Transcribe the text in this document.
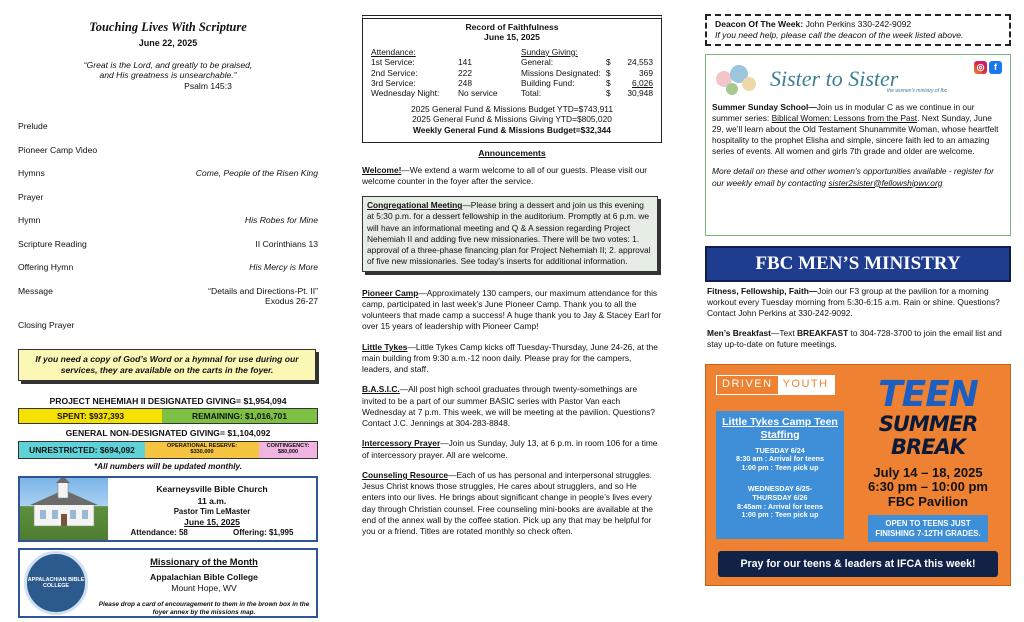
Touching Lives With Scripture
June 22, 2025
“Great is the Lord, and greatly to be praised,
and His greatness is unsearchable.”
Psalm 145:3
Prelude
Pioneer Camp Video
Hymns	Come, People of the Risen King
Prayer
Hymn	His Robes for Mine
Scripture Reading	II Corinthians 13
Offering Hymn	His Mercy is More
Message	“Details and Directions-Pt. II”
Exodus 26-27
Closing Prayer
If you need a copy of God’s Word or a hymnal for use during our services, they are available on the carts in the foyer.
PROJECT NEHEMIAH II DESIGNATED GIVING= $1,954,094
SPENT: $937,393	REMAINING: $1,016,701
GENERAL NON-DESIGNATED GIVING= $1,104,092
UNRESTRICTED: $694,092	OPERATIONAL RESERVE:
$330,000
CONTINGENCY:
$80,000
*All numbers will be updated monthly.
Kearneysville Bible Church
11 a.m.
Pastor Tim LeMaster
June 15, 2025
Attendance: 58	Offering: $1,995
APPALACHIAN BIBLE COLLEGE
Missionary of the Month
Appalachian Bible College
Mount Hope, WV
Please drop a card of encouragement to them in the brown box in the foyer annex by the missions map.
Record of Faithfulness
June 15, 2025
Attendance:
1st Service:	141
2nd Service:	222
3rd Service:	248
Wednesday Night:	No service
Sunday Giving:
General:	$	24,553
Missions Designated: $	369
Building Fund:	$	6,026
Total:	$	30,948
2025 General Fund & Missions Budget YTD=$743,911
2025 General Fund & Missions Giving YTD=$805,020
Weekly General Fund & Missions Budget=$32,344
Announcements
Welcome!—We extend a warm welcome to all of our guests. Please visit our welcome counter in the foyer after the service.
Congregational Meeting—Please bring a dessert and join us this evening at 5:30 p.m. for a dessert fellowship in the auditorium. Promptly at 6 p.m. we will have an informational meeting and Q & A session regarding Project Nehemiah II and adding five new missionaries. There will be two votes: 1. approval of a three-phase financing plan for Project Nehemiah II; 2. approval of five new missionaries. See today’s inserts for additional information.
Pioneer Camp—Approximately 130 campers, our maximum attendance for this camp, participated in last week’s June Pioneer Camp. Thank you to all the volunteers that made camp a success! A huge thank you to Jay & Stacey Earl for over 15 years of leadership with Pioneer Camp!
Little Tykes—Little Tykes Camp kicks off Tuesday-Thursday, June 24-26, at the main building from 9:30 a.m.-12 noon daily. Please pray for the campers, leaders, and staff.
B.A.S.I.C.—All post high school graduates through twenty-somethings are invited to be a part of our summer BASIC series with Pastor Van each Wednesday at 7 p.m. This week, we will be meeting at the pavilion. Questions? Contact J.C. Jennings at 304-283-8848.
Intercessory Prayer—Join us Sunday, July 13, at 6 p.m. in room 106 for a time of intercessory prayer. All are welcome.
Counseling Resource—Each of us has personal and interpersonal struggles. Jesus Christ knows those struggles, He cares about strugglers, and so He enters into our lives. He brings about significant change in people’s lives every day through Christian counsel. Free counseling mini-books are available at the end of the annex wall by the coffee station. Pick up any that may be helpful for you or a friend. Titles are rotated monthly so check often.
Deacon Of The Week: John Perkins 330-242-9092
If you need help, please call the deacon of the week listed above.
Sister to Sister
the women's ministry of fbc
◎	f

Summer Sunday School—Join us in modular C as we continue in our summer series: Biblical Women: Lessons from the Past. Next Sunday, June 29, we’ll learn about the Old Testament Shunammite Woman, whose heartfelt hospitality to the prophet Elisha and simple, sincere faith led to an amazing series of events. All women and girls 7th grade and older are welcome.

More detail on these and other women’s opportunities available - register for our weekly email by contacting sister2sister@fellowshipwv.org

FBC MEN’S MINISTRY
Fitness, Fellowship, Faith—Join our F3 group at the pavilion for a morning workout every Tuesday morning from 5:30-6:15 a.m. Rain or shine. Questions? Contact John Perkins at 330-242-9092.
Men’s Breakfast—Text BREAKFAST to 304-728-3700 to join the email list and stay up-to-date on future meetings.
DRIVEN YOUTH
Little Tykes Camp Teen Staffing
TUESDAY 6/24
8:30 am : Arrival for teens
1:00 pm : Teen pick up
WEDNESDAY 6/25-
THURSDAY 6/26
8:45am : Arrival for teens
1:00 pm : Teen pick up
TEEN
SUMMER BREAK
July 14 – 18, 2025
6:30 pm – 10:00 pm
FBC Pavilion
OPEN TO TEENS JUST FINISHING 7-12TH GRADES.
Pray for our teens & leaders at IFCA this week!
